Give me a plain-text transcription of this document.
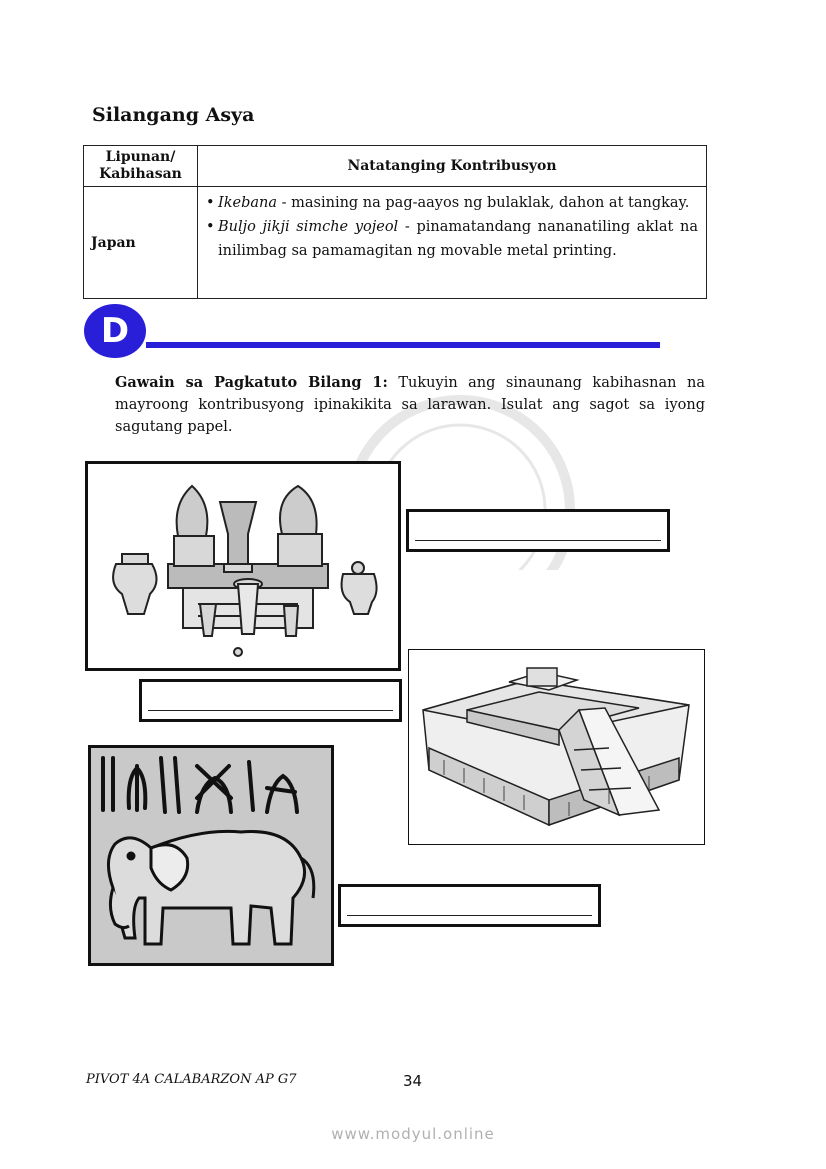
Silangang Asya
Lipunan/ Kabihasan	Natatanging Kontribusyon
Japan	• Ikebana - masining na pag-aayos ng bulaklak, dahon at tangkay.
• Buljo jikji simche yojeol - pinamatandang nananatiling aklat na inilimbag sa pamamagitan ng movable metal printing.
D
Gawain sa Pagkatuto Bilang 1: Tukuyin ang sinaunang kabihasnan na mayroong kontribusyong ipinakikita sa larawan. Isulat ang sagot sa iyong sagutang papel.
PIVOT 4A CALABARZON AP G7	34
www.modyul.online
